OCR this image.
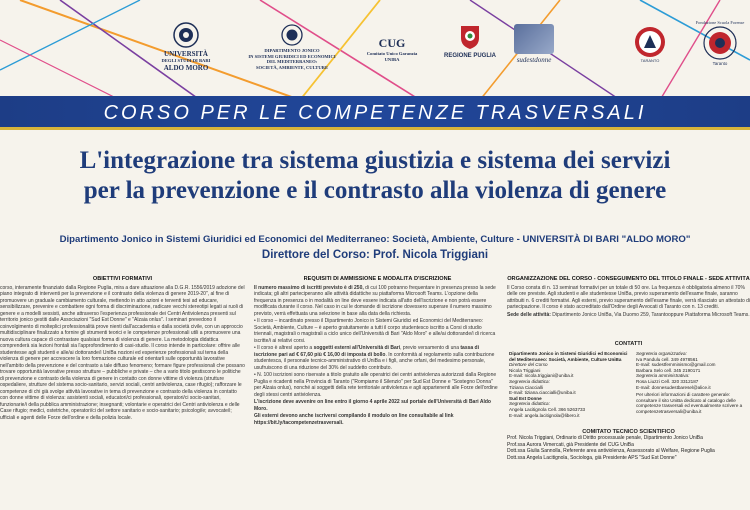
UNIVERSITÀ
DEGLI STUDI DI BARI
ALDO MORO
DIPARTIMENTO JONICO
IN SISTEMI GIURIDICI ED ECONOMICI
DEL MEDITERRANEO:
SOCIETÀ, AMBIENTE, CULTURE
CUG
Comitato Unico Garanzia
UNIBA	REGIONE PUGLIA	sudestdonne	TARANTO
Fondazione Scuola Forense
Taranto
CORSO PER LE COMPETENZE TRASVERSALI
L'integrazione tra sistema giustizia e sistema dei servizi
per la prevenzione e il contrasto alla violenza di genere
Dipartimento Jonico in Sistemi Giuridici ed Economici del Mediterraneo: Società, Ambiente, Culture - UNIVERSITÀ DI BARI "ALDO MORO"
Direttore del Corso: Prof. Nicola Triggiani
OBIETTIVI FORMATIVI

corso, interamente finanziato dalla Regione Puglia, mira a dare attuazione alla D.G.R. 1556/2019 adozione del piano integrato di interventi per la prevenzione e il contrasto della violenza di genere 2019-20", al fine di promuovere un graduale cambiamento culturale, mettendo in atto azioni e terventi tesi ad educare, sensibilizzare, prevenire e combattere ogni forma di discriminazione, radicare vecchi stereotipi legati ai ruoli di genere e a modelli sessisti, anche attraverso l'esperienza professionale dei Centri Antiviolenza presenti sul territorio jonico gestiti dalle Associazioni "Sud Est Donne" e "Alzaia onlus". I seminari prevedono il coinvolgimento di molteplici professionalità prove nienti dall'accademia e dalla società civile, con un approccio multidisciplinare finalizzato a fornire gli strumenti teorici e le competenze professionali utili a promuovere una nuova cultura capace di contrastare qualsiasi forma di violenza di genere. La metodologia didattica comprenderà sia lezioni frontali sia l'approfondimento di casi-studio. Il corso intende in particolare: offrire alle studentesse agli studenti e alle/ai dottorande/i UniBa nozioni ed esperienze professionali sul tema della violenza di genere per accrescere la loro formazione culturale ed orientarli sulle opportunità lavorative nell'ambito della prevenzione e del contrasto a tale diffuso fenomeno; formare figure professionali che possano trovare opportunità lavorative presso strutture – pubbliche e private – che a vario titolo gestiscono le politiche di prevenzione e contrasto della violenza di genere in contatto con donne vittime di violenza (strutture ospedaliere, strutture del sistema socio-sanitario, servizi sociali, centri antiviolenza, case rifugio); rafforzare le competenze di chi già svolge attività lavorative in tema di prevenzione e contrasto della violenza in contatto con donne vittime di violenza: assistenti sociali, educatori/ci professionali, operatori/ci socio-sanitari, funzionarie/i della pubblica amministrazione; insegnanti; volontarie e operatrici dei Centri antiviolenza e delle Case rifugio; medici, ostetriche, operatori/ci del settore sanitario e socio-sanitario; psicologi/e; avvocate/i; ufficiali e agenti delle Forze dell'ordine e della polizia locale.

REQUISITI DI AMMISSIONE E MODALITÀ D'ISCRIZIONE

Il numero massimo di iscritti previsto è di 250, di cui 100 potranno frequentare in presenza presso la sede indicata; gli altri parteciperanno alle attività didattiche su piattaforma Microsoft Teams. L'opzione della frequenza in presenza o in modalità on line deve essere indicata all'atto dell'iscrizione e non potrà essere modificata durante il corso. Nel caso in cui le domande di iscrizione dovessero superare il numero massimo previsto, verrà effettuata una selezione in base alla data della richiesta.

• Il corso – incardinato presso il Dipartimento Jonico in Sistemi Giuridici ed Economici del Mediterraneo: Società, Ambiente, Culture – è aperto gratuitamente a tutti il corpo studentesco iscritto a Corsi di studio triennali, magistrali o magistrali a ciclo unico dell'Università di Bari "Aldo Moro" e alle/ai dottorande/i di ricerca iscritte/i ai relativi corsi.

• Il corso è altresì aperto a soggetti esterni all'Università di Bari, previo versamento di una tassa di iscrizione pari ad € 67,60 più € 16,00 di imposta di bollo. In conformità al regolamento sulla contribuzione studentesca, il personale tecnico-amministrativo di UniBa e i figli, anche orfani, del medesimo personale, usufruiscono di una riduzione del 30% del suddetto contributo.

• N. 100 iscrizioni sono riservate a titolo gratuito alle operatrici dei centri antiviolenza autorizzati dalla Regione Puglia e ricadenti nella Provincia di Taranto ("Rompiamo il Silenzio" per Sud Est Donne e "Sostegno Donna" per Alzaia onlus), nonché ai soggetti della rete territoriale antiviolenza e agli appartenenti alle Forze dell'ordine degli stessi centri antiviolenza.

L'iscrizione deve avvenire on line entro il giorno 4 aprile 2022 sul portale dell'Università di Bari Aldo Moro.

Gli esterni devono anche iscriversi compilando il modulo on line consultabile al link https://bit.ly/tacompetenzetrasversali.

ORGANIZZAZIONE DEL CORSO - CONSEGUIMENTO DEL TITOLO FINALE - SEDE ATTIVITÀ

Il Corso consta di n. 13 seminari formativi per un totale di 50 ore. La frequenza è obbligatoria almeno il 70% delle ore previste. Agli studenti e alle studentesse UniBa, previo superamento dell'esame finale, saranno attribuiti n. 6 crediti formativi. Agli esterni, previo superamento dell'esame finale, verrà rilasciato un attestato di partecipazione. Il corso è stato accreditato dall'Ordine degli Avvocati di Taranto con n. 13 crediti.

Sede delle attività: Dipartimento Jonico UniBa, Via Duomo 259, Tarantooppure Piattaforma Microsoft Teams.

CONTATTI
Dipartimento Jonico in Sistemi Giuridici ed Economici del Mediterraneo: Società, Ambiente, Culture UniBa
Direttore del Corso
Nicola Triggiani
E-mail: nicola.triggiani@uniba.it
Segreteria didattica:
Tiziana Ciaccialli
E-mail: tiziana.ciaccialli@uniba.it
Sud Est Donne
Segreteria didattica:
Angela Lacitignola Cell. 366 5263733
E-mail: angela.lacitignola@libero.it
Segreteria organizzativa:
Iva Pandulu cell. 349 4978561
E-mail: sudestfemminismo@gmail.com
Barbara Selo cell. 345 2190171
Segreteria amministrativa:
Rosa Liuzzi Cell. 320 3312187
E-mail: donnesudestbaresel@alice.it
Per ulteriori informazioni di carattere generale: consultare il sito UniBa dedicato al catalogo delle competenze trasversali ed eventualmente scrivere a competenzetrasversali@uniba.it
COMITATO TECNICO SCIENTIFICO
Prof. Nicola Triggiani, Ordinario di Diritto processuale penale, Dipartimento Jonico UniBa
Prof.ssa Aurora Vimercati, già Presidente del CUG UniBa
Dott.ssa Giulia Sannolla, Referente area antiviolenza, Assessorato al Welfare, Regione Puglia
Dott.ssa Angela Lacitignola, Sociologa, già Presidente APS "Sud Est Donne"
